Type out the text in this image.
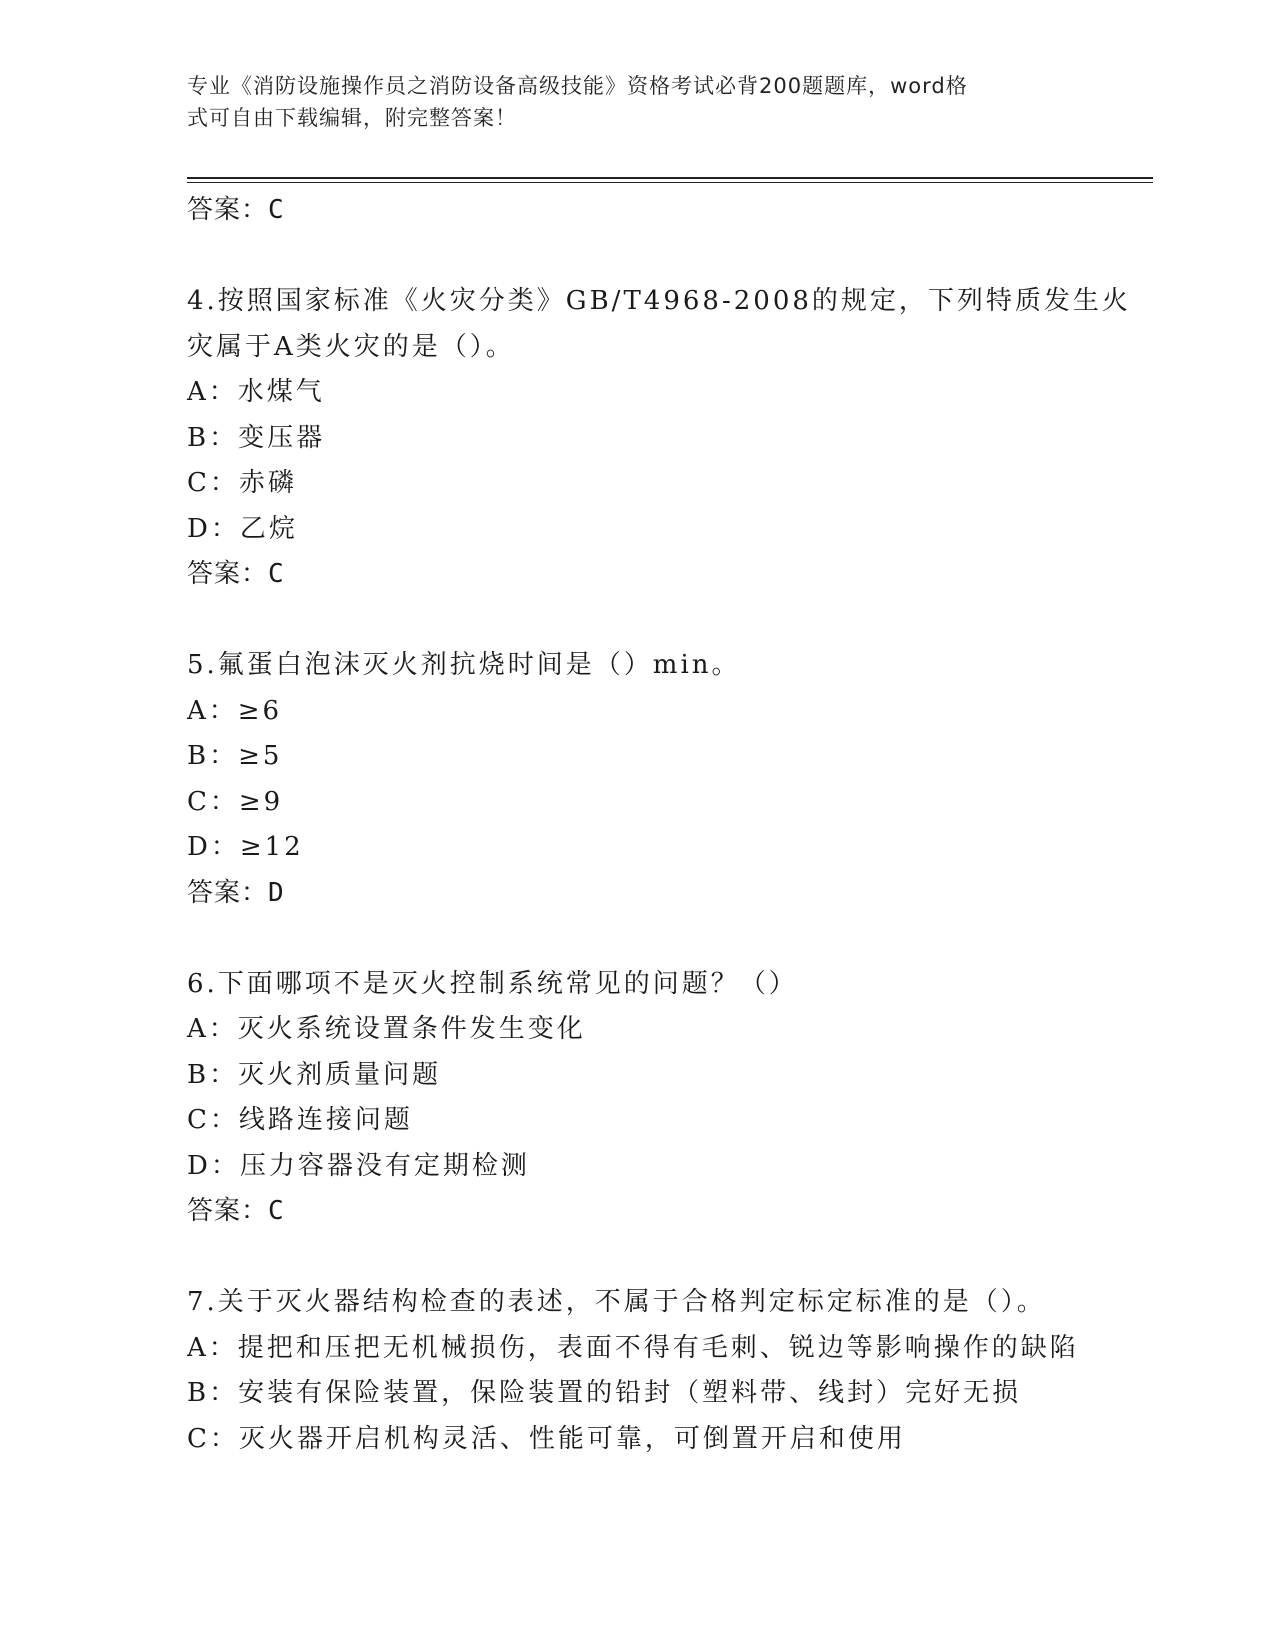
专业《消防设施操作员之消防设备高级技能》资格考试必背200题题库，word格
式可自由下载编辑，附完整答案！
答案：C
4.按照国家标准《火灾分类》GB/T4968-2008的规定，下列特质发生火
灾属于A类火灾的是（）。
A：水煤气
B：变压器
C：赤磷
D：乙烷
答案：C
5.氟蛋白泡沫灭火剂抗烧时间是（）min。
A：≥6
B：≥5
C：≥9
D：≥12
答案：D
6.下面哪项不是灭火控制系统常见的问题？（）
A：灭火系统设置条件发生变化
B：灭火剂质量问题
C：线路连接问题
D：压力容器没有定期检测
答案：C
7.关于灭火器结构检查的表述，不属于合格判定标定标准的是（）。
A：提把和压把无机械损伤，表面不得有毛刺、锐边等影响操作的缺陷
B：安装有保险装置，保险装置的铅封（塑料带、线封）完好无损
C：灭火器开启机构灵活、性能可靠，可倒置开启和使用
